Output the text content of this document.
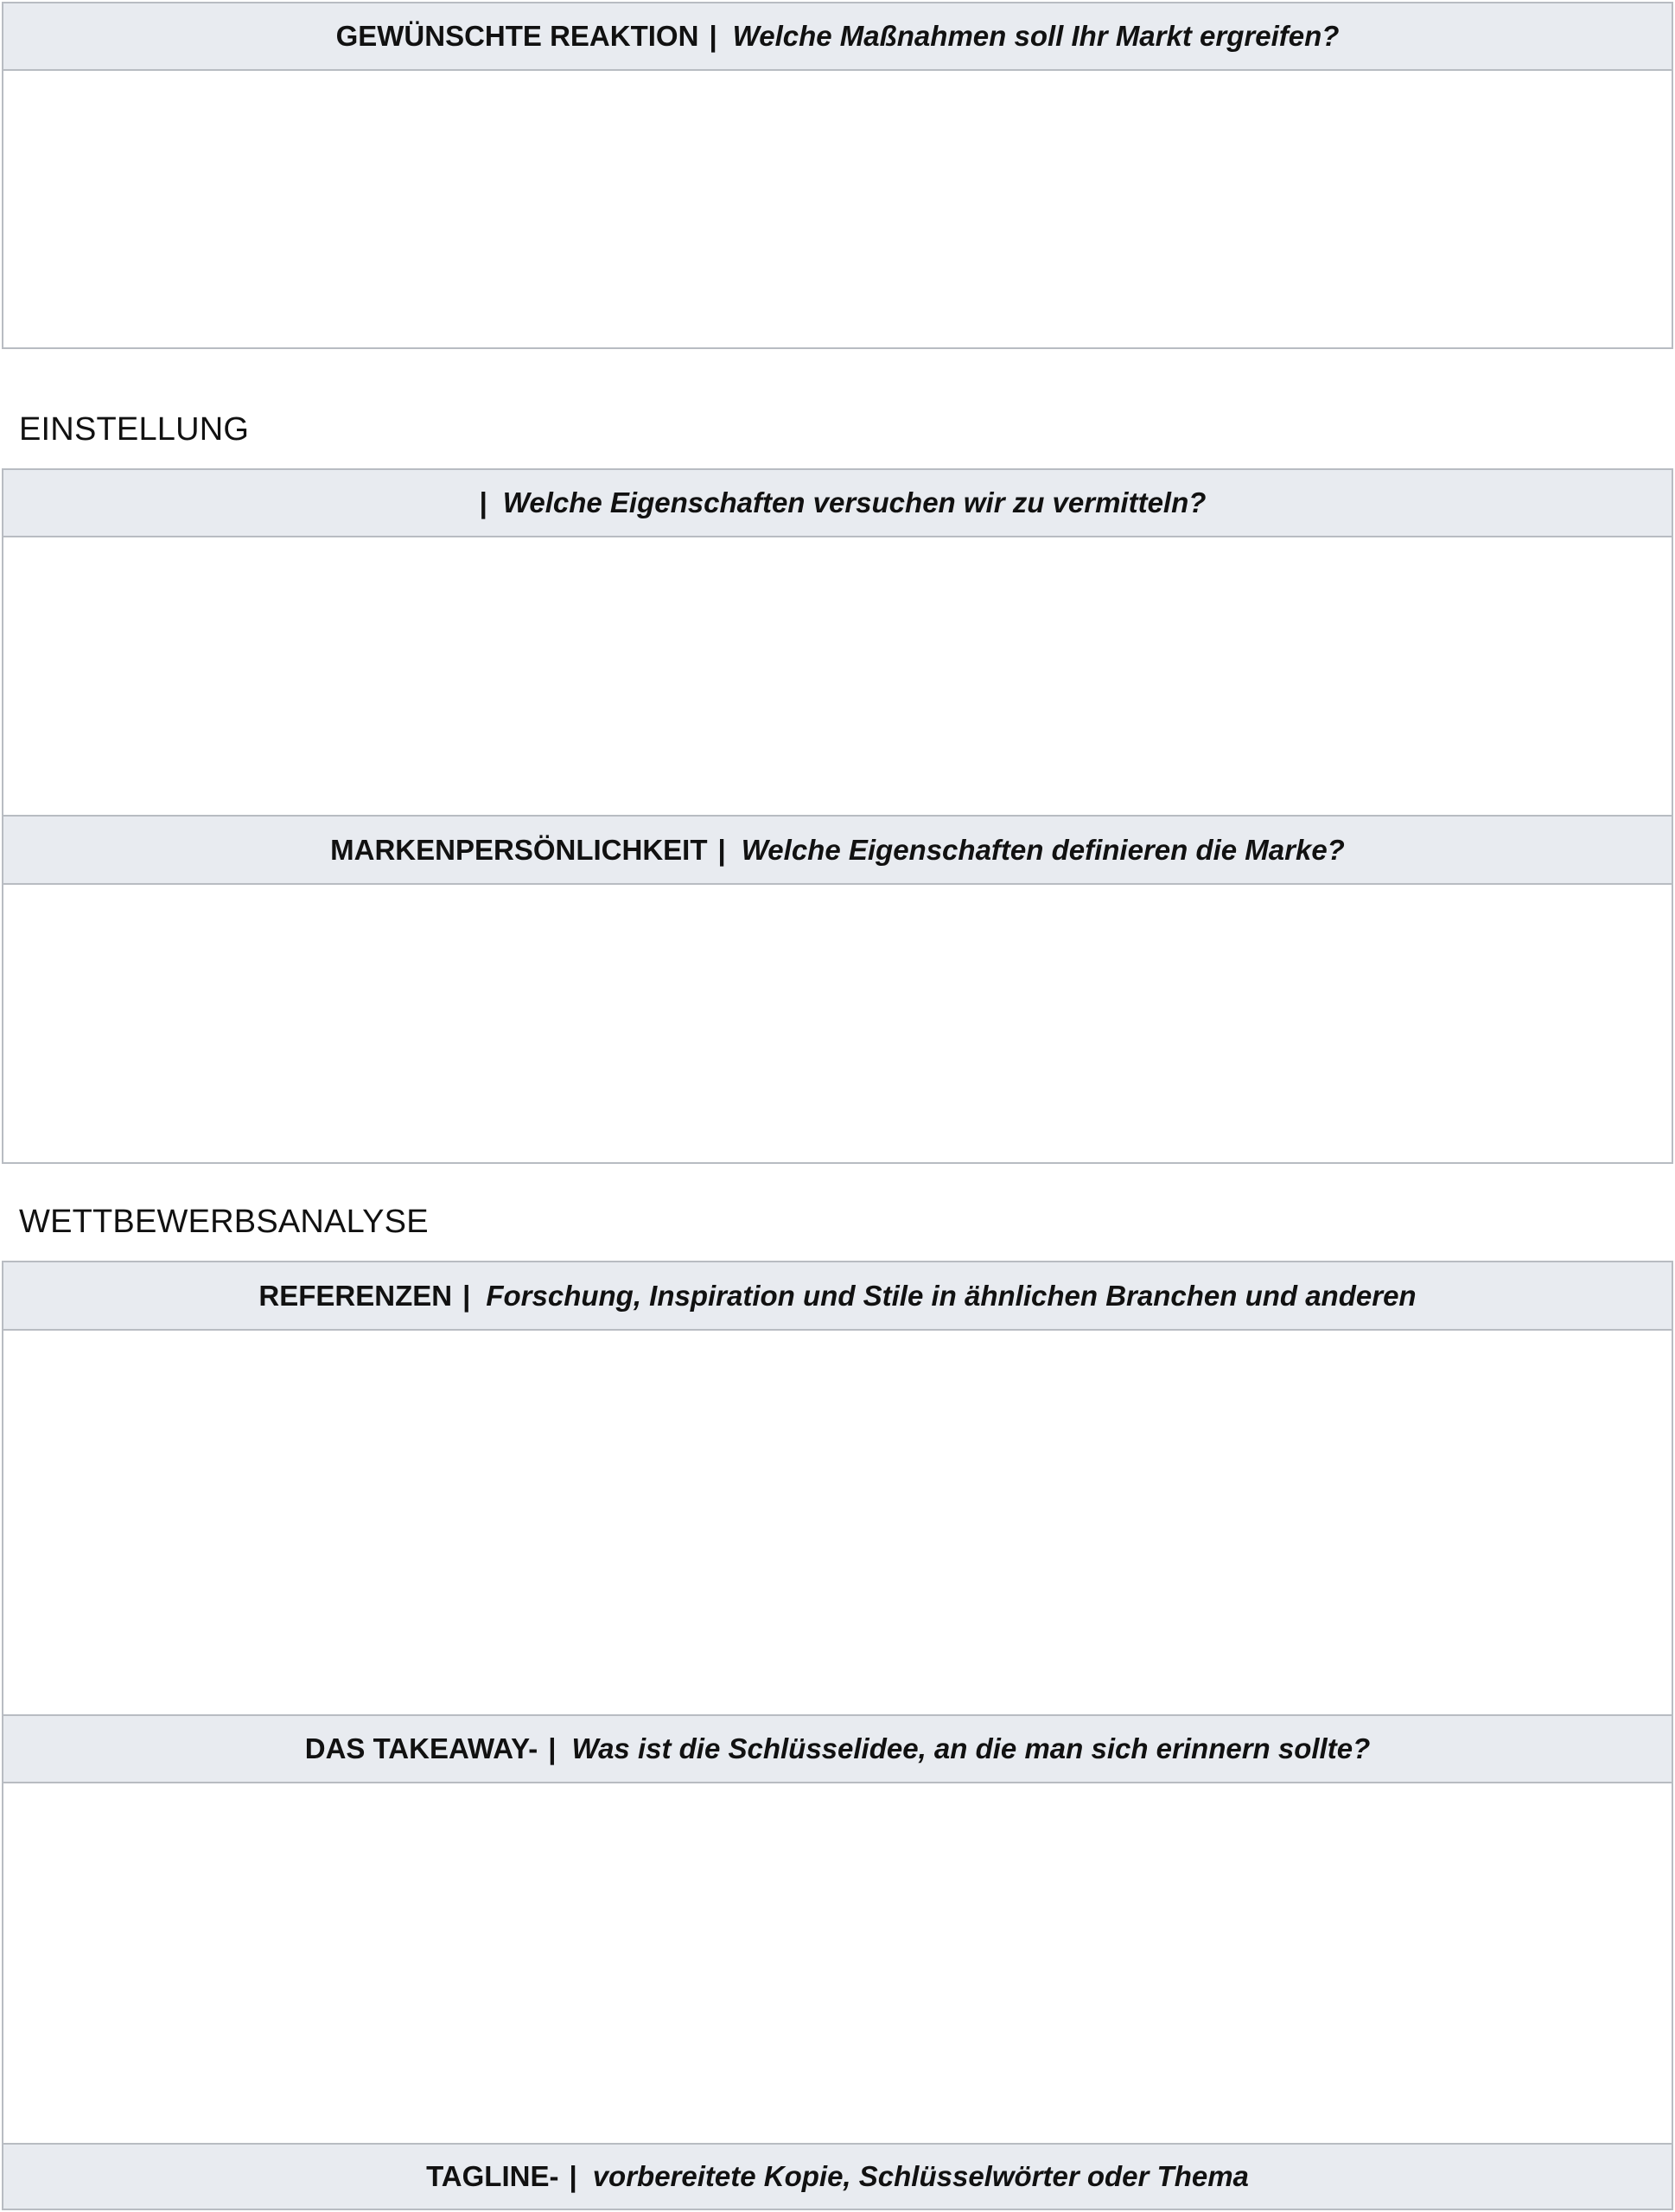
GEWÜNSCHTE REAKTION | Welche Maßnahmen soll Ihr Markt ergreifen?
EINSTELLUNG
| Welche Eigenschaften versuchen wir zu vermitteln?
MARKENPERSÖNLICHKEIT | Welche Eigenschaften definieren die Marke?
WETTBEWERBSANALYSE
REFERENZEN | Forschung, Inspiration und Stile in ähnlichen Branchen und anderen
DAS TAKEAWAY- | Was ist die Schlüsselidee, an die man sich erinnern sollte?
TAGLINE- | vorbereitete Kopie, Schlüsselwörter oder Thema
